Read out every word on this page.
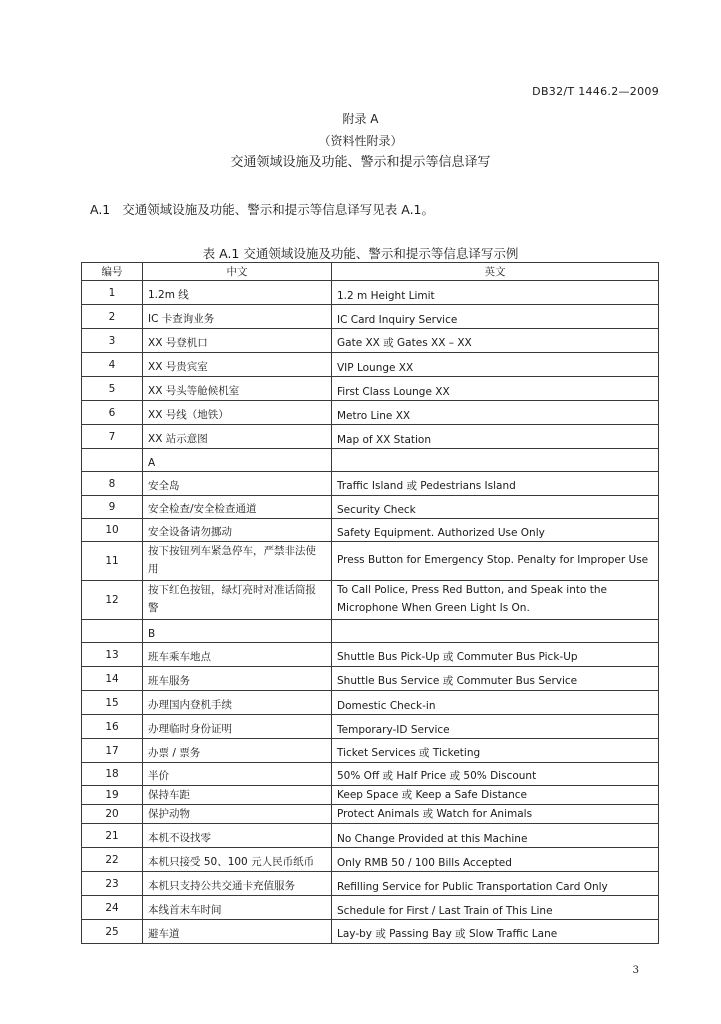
DB32/T 1446.2—2009
附录 A
（资料性附录）
交通领域设施及功能、警示和提示等信息译写
A.1 交通领域设施及功能、警示和提示等信息译写见表 A.1。
表 A.1 交通领域设施及功能、警示和提示等信息译写示例
编号	中文	英文
1	1.2m 线	1.2 m Height Limit
2	IC 卡查询业务	IC Card Inquiry Service
3	XX 号登机口	Gate XX 或 Gates XX – XX
4	XX 号贵宾室	VIP Lounge XX
5	XX 号头等舱候机室	First Class Lounge XX
6	XX 号线（地铁）	Metro Line XX
7	XX 站示意图	Map of XX Station
	A	
8	安全岛	Traffic Island 或 Pedestrians Island
9	安全检查/安全检查通道	Security Check
10	安全设备请勿挪动	Safety Equipment. Authorized Use Only
11	按下按钮列车紧急停车，严禁非法使用	Press Button for Emergency Stop. Penalty for Improper Use
12	按下红色按钮，绿灯亮时对准话筒报警	To Call Police, Press Red Button, and Speak into the Microphone When Green Light Is On.
	B	
13	班车乘车地点	Shuttle Bus Pick-Up 或 Commuter Bus Pick-Up
14	班车服务	Shuttle Bus Service 或 Commuter Bus Service
15	办理国内登机手续	Domestic Check-in
16	办理临时身份证明	Temporary-ID Service
17	办票 / 票务	Ticket Services 或 Ticketing
18	半价	50% Off 或 Half Price 或 50% Discount
19	保持车距	Keep Space 或 Keep a Safe Distance
20	保护动物	Protect Animals 或 Watch for Animals
21	本机不设找零	No Change Provided at this Machine
22	本机只接受 50、100 元人民币纸币	Only RMB 50 / 100 Bills Accepted
23	本机只支持公共交通卡充值服务	Refilling Service for Public Transportation Card Only
24	本线首末车时间	Schedule for First / Last Train of This Line
25	避车道	Lay-by 或 Passing Bay 或 Slow Traffic Lane
3
